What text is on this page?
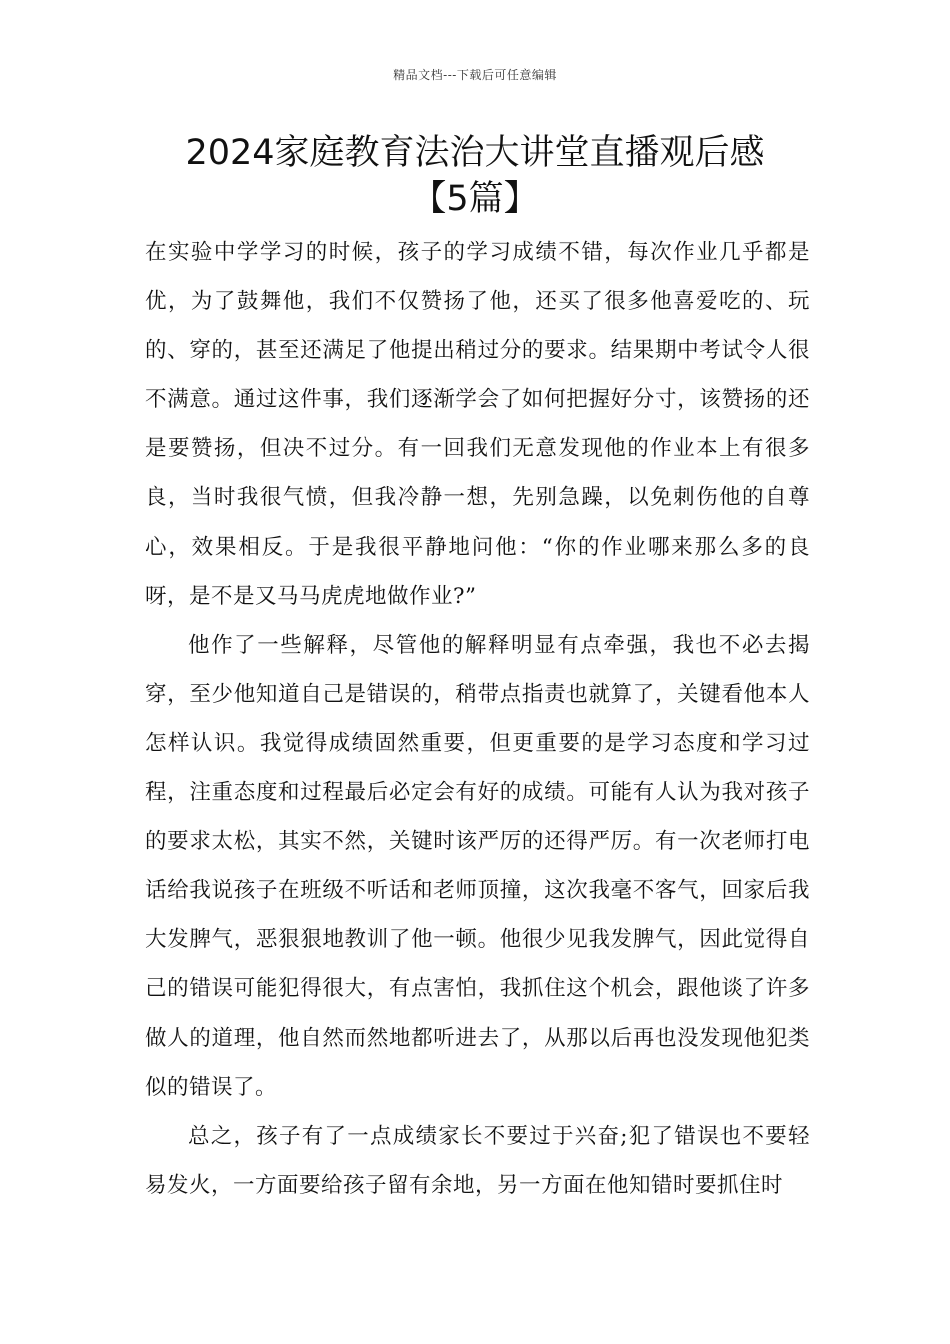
精品文档---下载后可任意编辑
2024家庭教育法治大讲堂直播观后感
【5篇】

在实验中学学习的时候，孩子的学习成绩不错，每次作业几乎都是优，为了鼓舞他，我们不仅赞扬了他，还买了很多他喜爱吃的、玩的、穿的，甚至还满足了他提出稍过分的要求。结果期中考试令人很不满意。通过这件事，我们逐渐学会了如何把握好分寸，该赞扬的还是要赞扬，但决不过分。有一回我们无意发现他的作业本上有很多良，当时我很气愤，但我冷静一想，先别急躁，以免刺伤他的自尊心，效果相反。于是我很平静地问他：“你的作业哪来那么多的良呀，是不是又马马虎虎地做作业?”

他作了一些解释，尽管他的解释明显有点牵强，我也不必去揭穿，至少他知道自己是错误的，稍带点指责也就算了，关键看他本人怎样认识。我觉得成绩固然重要，但更重要的是学习态度和学习过程，注重态度和过程最后必定会有好的成绩。可能有人认为我对孩子的要求太松，其实不然，关键时该严厉的还得严厉。有一次老师打电话给我说孩子在班级不听话和老师顶撞，这次我毫不客气，回家后我大发脾气，恶狠狠地教训了他一顿。他很少见我发脾气，因此觉得自己的错误可能犯得很大，有点害怕，我抓住这个机会，跟他谈了许多做人的道理，他自然而然地都听进去了，从那以后再也没发现他犯类似的错误了。

总之，孩子有了一点成绩家长不要过于兴奋;犯了错误也不要轻易发火，一方面要给孩子留有余地，另一方面在他知错时要抓住时
